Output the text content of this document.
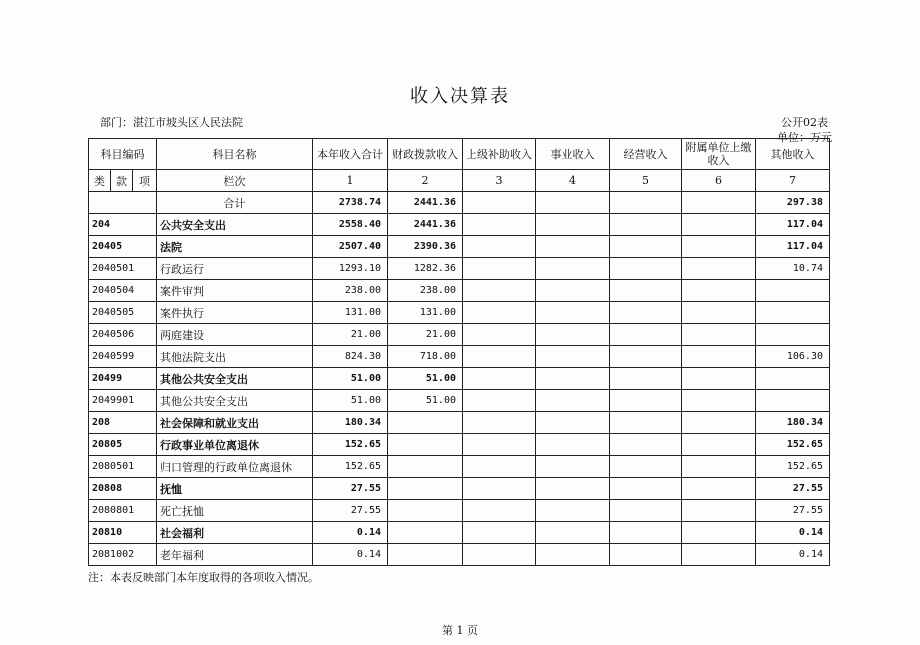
收入决算表
部门：湛江市坡头区人民法院	公开02表
单位：万元
科目编码			科目名称	本年收入合计	财政拨款收入	上级补助收入	事业收入	经营收入	附属单位上缴收入	其他收入
类	款	项								
			栏次	1	2	3	4	5	6	7
			合计	2738.74	2441.36					297.38
204			公共安全支出	2558.40	2441.36					117.04
20405			法院	2507.40	2390.36					117.04
2040501			行政运行	1293.10	1282.36					10.74
2040504			案件审判	238.00	238.00					
2040505			案件执行	131.00	131.00					
2040506			两庭建设	21.00	21.00					
2040599			其他法院支出	824.30	718.00					106.30
20499			其他公共安全支出	51.00	51.00					
2049901			其他公共安全支出	51.00	51.00					
208			社会保障和就业支出	180.34						180.34
20805			行政事业单位离退休	152.65						152.65
2080501			归口管理的行政单位离退休	152.65						152.65
20808			抚恤	27.55						27.55
2080801			死亡抚恤	27.55						27.55
20810			社会福利	0.14						0.14
2081002			老年福利	0.14						0.14
注：本表反映部门本年度取得的各项收入情况。
第 1 页
